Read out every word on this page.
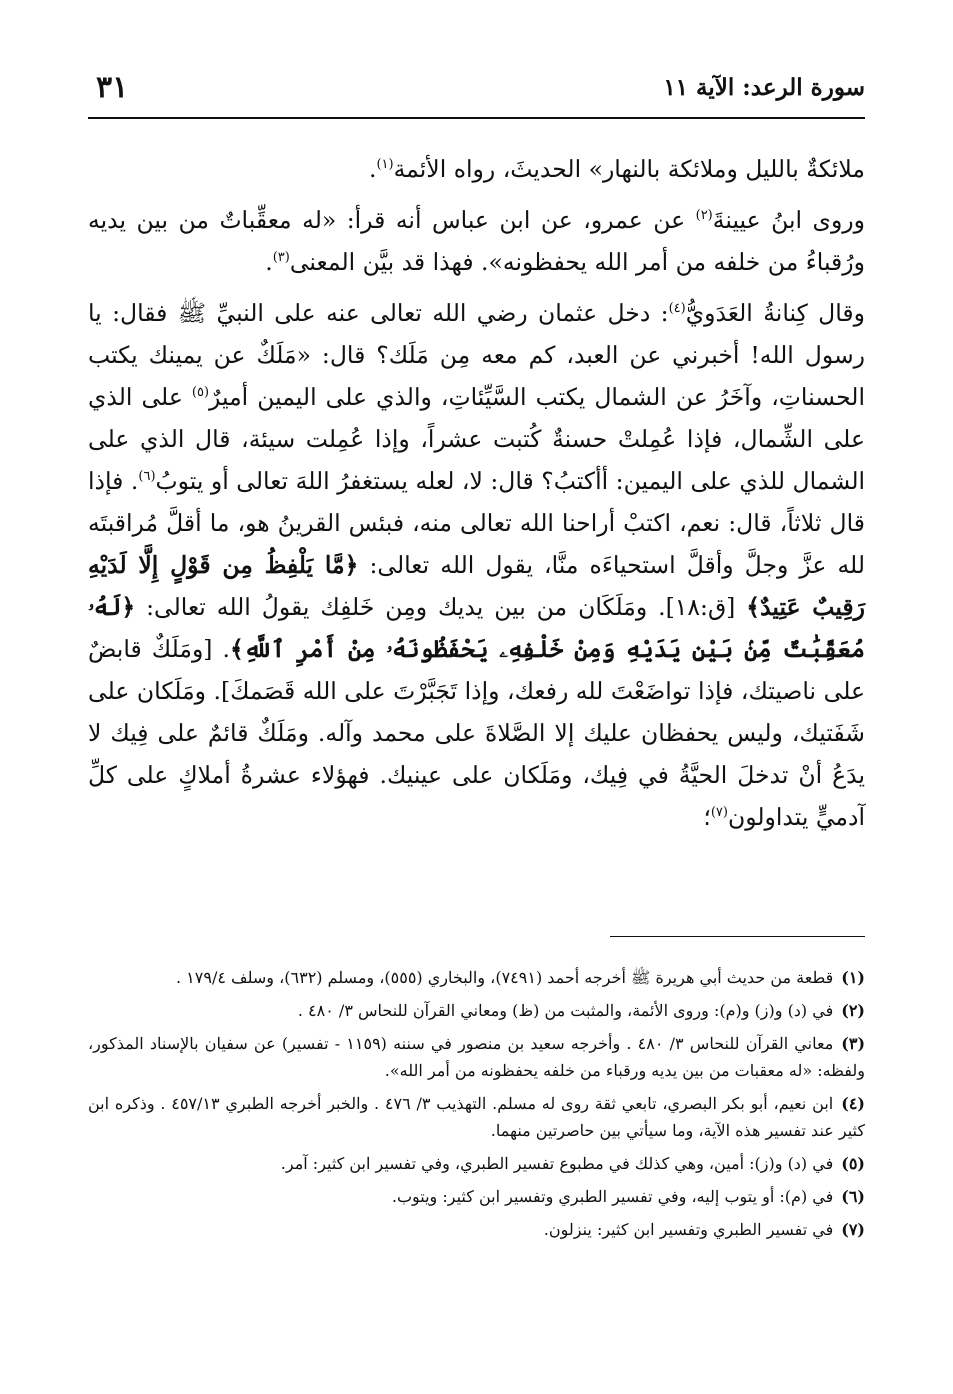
سورة الرعد: الآية ١١
٣١

ملائكةٌ بالليل وملائكة بالنهار» الحديثَ، رواه الأئمة$^{(١)}$.

وروى ابنُ عيينةَ$^{(٢)}$ عن عمرو، عن ابن عباس أنه قرأ: «له معقِّباتٌ من بين يديه ورُقباءُ من خلفه من أمر الله يحفظونه». فهذا قد بيَّن المعنى$^{(٣)}$.

وقال كِنانةُ العَدَويُّ$^{(٤)}$: دخل عثمان رضي الله تعالى عنه على النبيِّ ﷺ فقال: يا رسول الله! أخبرني عن العبد، كم معه مِن مَلَك؟ قال: «مَلَكٌ عن يمينك يكتب الحسناتِ، وآخَرُ عن الشمال يكتب السَّيِّئاتِ، والذي على اليمين أميرٌ$^{(٥)}$ على الذي على الشِّمال، فإذا عُمِلتْ حسنةٌ كُتبت عشراً، وإذا عُمِلت سيئة، قال الذي على الشمال للذي على اليمين: أأكتبُ؟ قال: لا، لعله يستغفرُ اللهَ تعالى أو يتوبُ$^{(٦)}$. فإذا قال ثلاثاً، قال: نعم، اكتبْ أراحنا الله تعالى منه، فبئس القرينُ هو، ما أقلَّ مُراقبتَه لله عزَّ وجلَّ وأقلَّ استحياءَه منَّا، يقول الله تعالى: ﴿مَّا يَلْفِظُ مِن قَوْلٍ إِلَّا لَدَيْهِ رَقِيبٌ عَتِيدٌ﴾ [ق:١٨]. ومَلَكَان من بين يديك ومِن خَلفِك يقولُ الله تعالى: ﴿لَهُۥ مُعَقِّبَٰتٌ مِّنۢ بَيْنِ يَدَيْهِ وَمِنْ خَلْفِهِۦ يَحْفَظُونَهُۥ مِنْ أَمْرِ ٱللَّهِ﴾. [ومَلَكٌ قابضٌ على ناصيتك، فإذا تواضَعْتَ لله رفعك، وإذا تَجَبَّرْتَ على الله قَصَمكَ]. ومَلَكان على شَفَتيك، وليس يحفظان عليك إلا الصَّلاةَ على محمد وآله. ومَلَكٌ قائمٌ على فِيك لا يدَعُ أنْ تدخلَ الحيَّةُ في فِيك، ومَلَكان على عينيك. فهؤلاء عشرةُ أملاكٍ على كلِّ آدميٍّ يتداولون$^{(٧)}$؛

(١)قطعة من حديث أبي هريرة ﷺ أخرجه أحمد (٧٤٩١)، والبخاري (٥٥٥)، ومسلم (٦٣٢)، وسلف ١٧٩/٤ .

(٢)في (د) و(ز) و(م): وروى الأئمة، والمثبت من (ظ) ومعاني القرآن للنحاس ٣/ ٤٨٠ .

(٣)معاني القرآن للنحاس ٣/ ٤٨٠ . وأخرجه سعيد بن منصور في سننه (١١٥٩ - تفسير) عن سفيان بالإسناد المذكور، ولفظه: «له معقبات من بين يديه ورقباء من خلفه يحفظونه من أمر الله».

(٤)ابن نعيم، أبو بكر البصري، تابعي ثقة روى له مسلم. التهذيب ٣/ ٤٧٦ . والخبر أخرجه الطبري ٤٥٧/١٣ . وذكره ابن كثير عند تفسير هذه الآية، وما سيأتي بين حاصرتين منهما.

(٥)في (د) و(ز): أمين، وهي كذلك في مطبوع تفسير الطبري، وفي تفسير ابن كثير: آمر.

(٦)في (م): أو يتوب إليه، وفي تفسير الطبري وتفسير ابن كثير: ويتوب.

(٧)في تفسير الطبري وتفسير ابن كثير: ينزلون.
